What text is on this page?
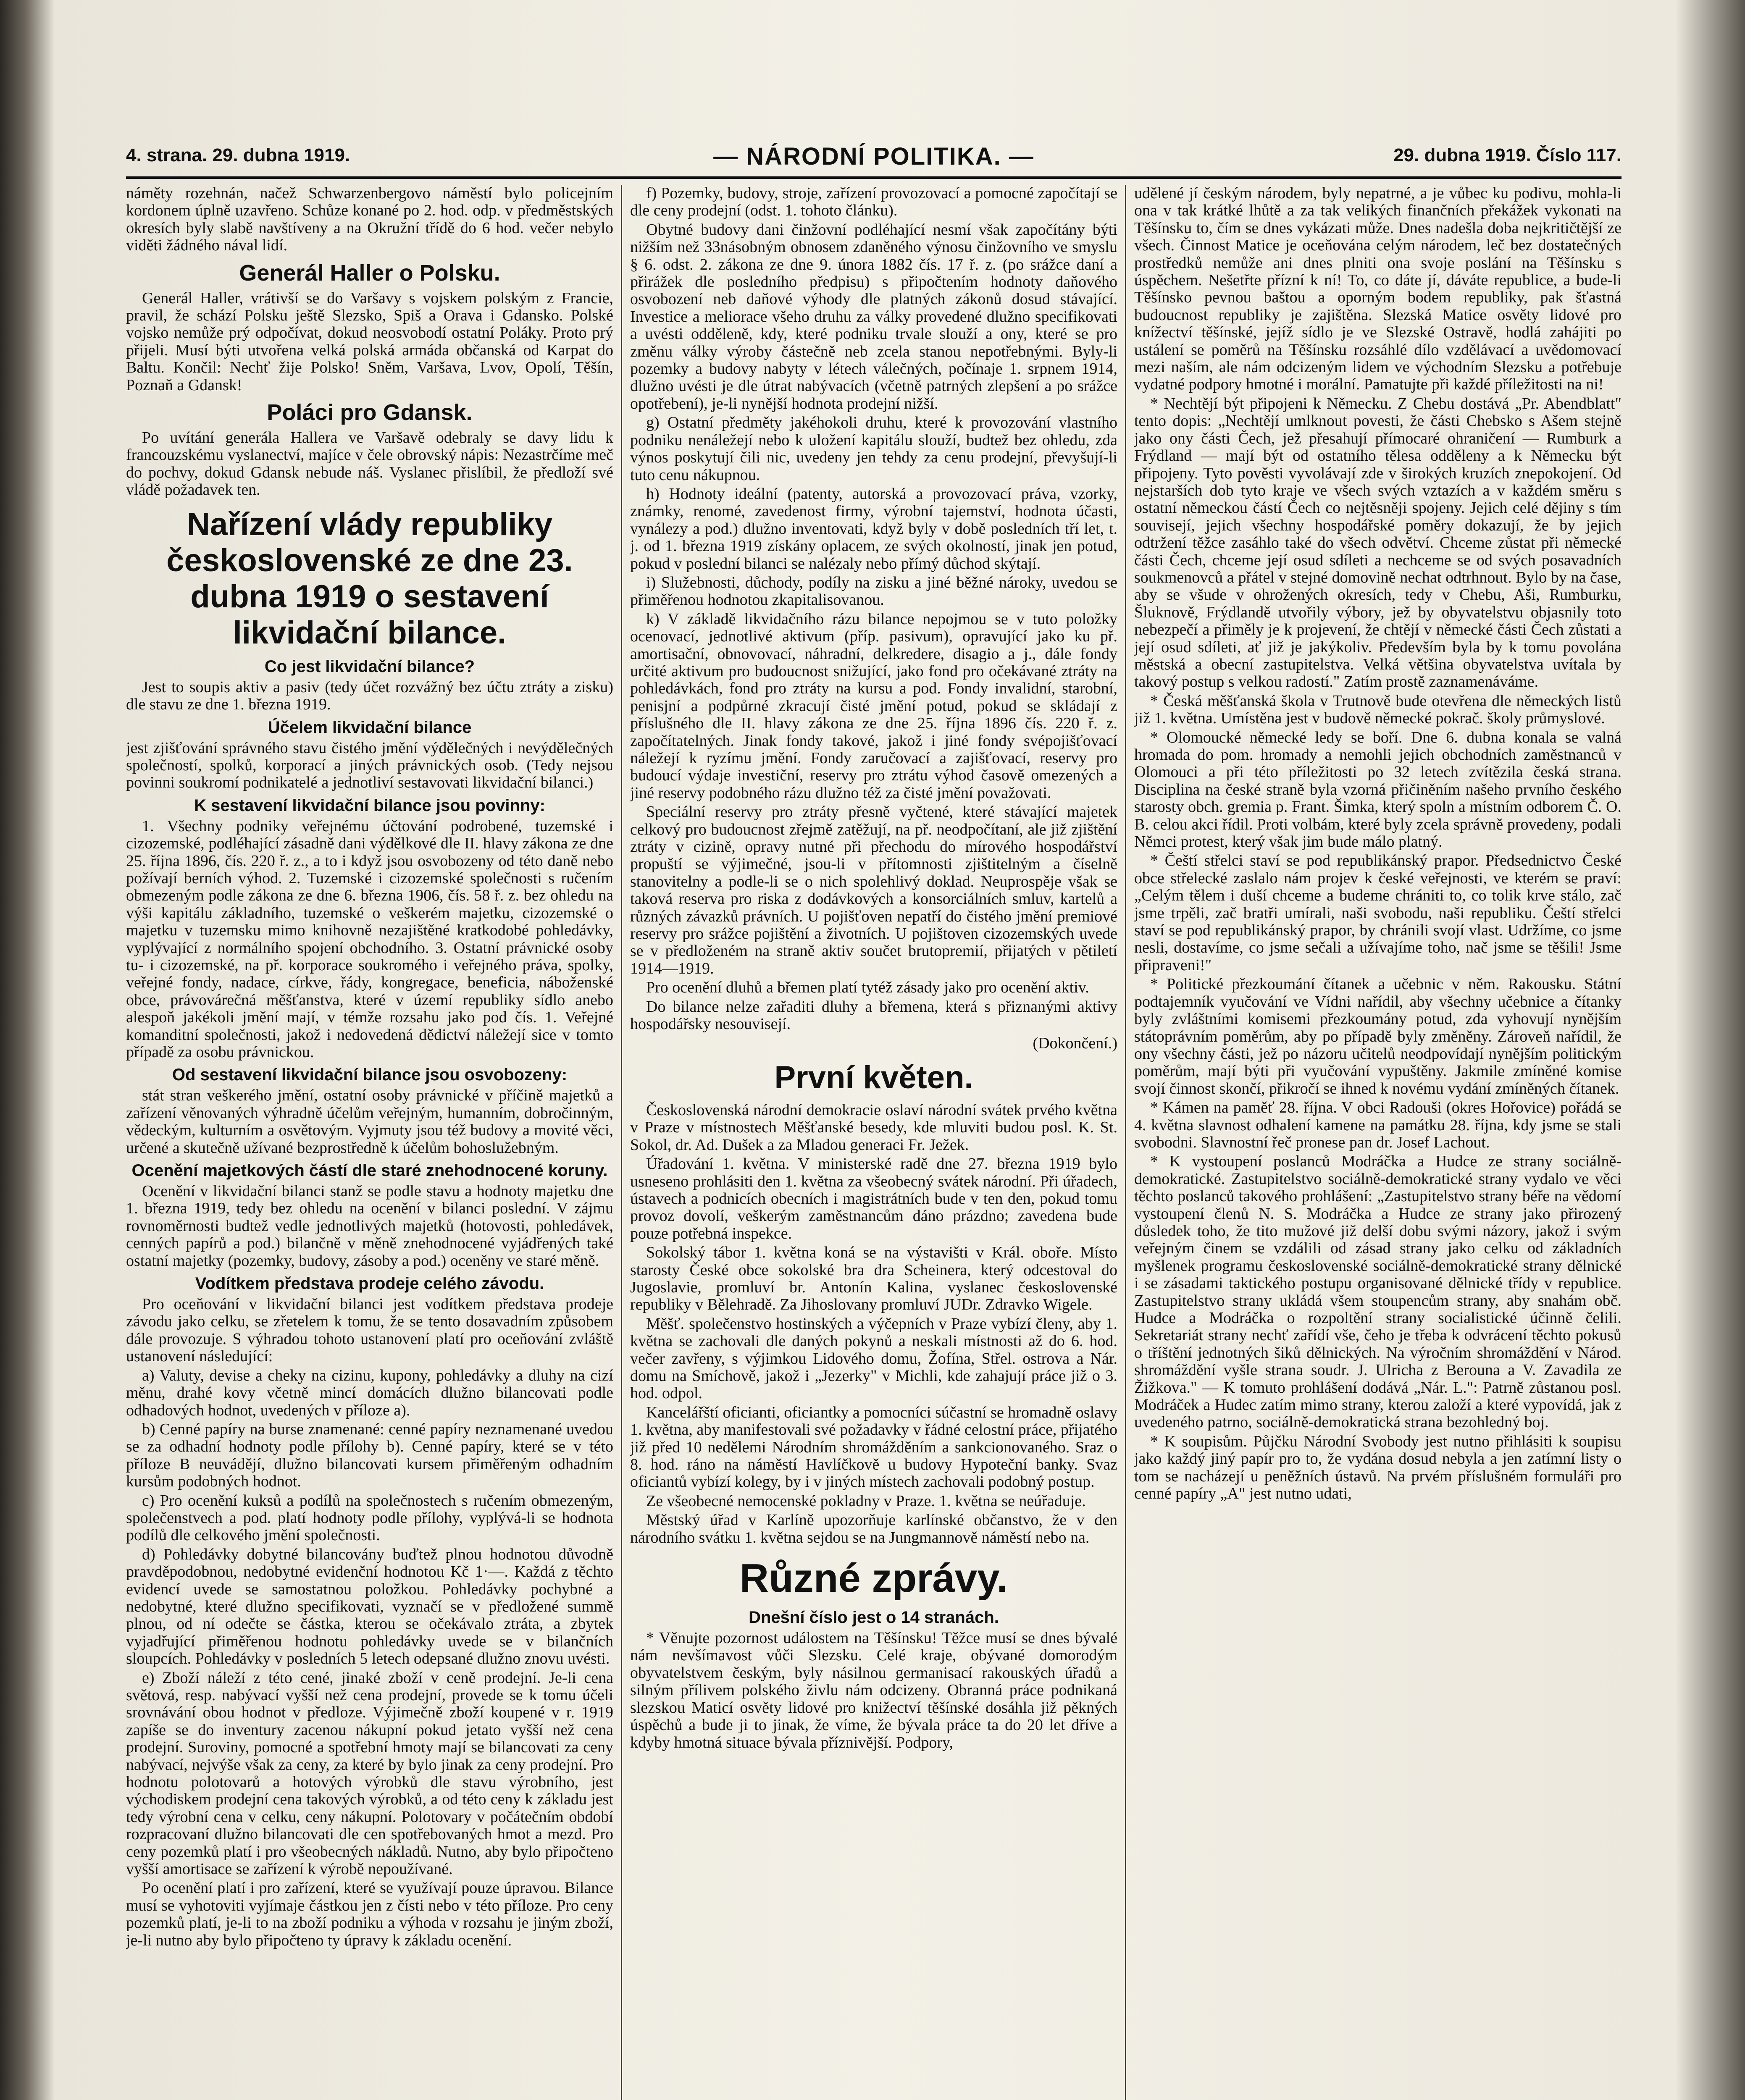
4. strana. 29. dubna 1919.	— NÁRODNÍ POLITIKA. —	29. dubna 1919. Číslo 117.

náměty rozehnán, načež Schwarzenbergovo náměstí bylo policejním kordonem úplně uzavřeno. Schůze konané po 2. hod. odp. v předměstských okresích byly slabě navštíveny a na Okružní třídě do 6 hod. večer nebylo viděti žádného nával lidí.

Generál Haller o Polsku.

Generál Haller, vrátivší se do Varšavy s vojskem polským z Francie, pravil, že schází Polsku ještě Slezsko, Spiš a Orava i Gdansko. Polské vojsko nemůže prý odpočívat, dokud neosvobodí ostatní Poláky. Proto prý přijeli. Musí býti utvořena velká polská armáda občanská od Karpat do Baltu. Končil: Nechť žije Polsko! Sněm, Varšava, Lvov, Opolí, Těšín, Poznaň a Gdansk!

Poláci pro Gdansk.

Po uvítání generála Hallera ve Varšavě odebraly se davy lidu k francouzskému vyslanectví, majíce v čele obrovský nápis: Nezastrčíme meč do pochvy, dokud Gdansk nebude náš. Vyslanec přislíbil, že předloží své vládě požadavek ten.

Nařízení vlády republiky československé ze dne 23. dubna 1919 o sestavení likvidační bilance.
Co jest likvidační bilance?

Jest to soupis aktiv a pasiv (tedy účet rozvážný bez účtu ztráty a zisku) dle stavu ze dne 1. března 1919.

Účelem likvidační bilance

jest zjišťování správného stavu čistého jmění výdělečných i nevýdělečných společností, spolků, korporací a jiných právnických osob. (Tedy nejsou povinni soukromí podnikatelé a jednotliví sestavovati likvidační bilanci.)

K sestavení likvidační bilance jsou povinny:

1. Všechny podniky veřejnému účtování podrobené, tuzemské i cizozemské, podléhající zásadně dani výdělkové dle II. hlavy zákona ze dne 25. října 1896, čís. 220 ř. z., a to i když jsou osvobozeny od této daně nebo požívají berních výhod. 2. Tuzemské i cizozemské společnosti s ručením obmezeným podle zákona ze dne 6. března 1906, čís. 58 ř. z. bez ohledu na výši kapitálu základního, tuzemské o veškerém majetku, cizozemské o majetku v tuzemsku mimo knihovně nezajištěné kratkodobé pohledávky, vyplývající z normálního spojení obchodního. 3. Ostatní právnické osoby tu- i cizozemské, na př. korporace soukromého i veřejného práva, spolky, veřejné fondy, nadace, církve, řády, kongregace, beneficia, náboženské obce, právovárečná měšťanstva, které v území republiky sídlo anebo alespoň jakékoli jmění mají, v témže rozsahu jako pod čís. 1. Veřejné komanditní společnosti, jakož i nedovedená dědictví náležejí sice v tomto případě za osobu právnickou.

Od sestavení likvidační bilance jsou osvobozeny:

stát stran veškerého jmění, ostatní osoby právnické v příčině majetků a zařízení věnovaných výhradně účelům veřejným, humanním, dobročinným, vědeckým, kulturním a osvětovým. Vyjmuty jsou též budovy a movité věci, určené a skutečně užívané bezprostředně k účelům bohoslužebným.

Ocenění majetkových částí dle staré znehodnocené koruny.

Ocenění v likvidační bilanci stanž se podle stavu a hodnoty majetku dne 1. března 1919, tedy bez ohledu na ocenění v bilanci poslední. V zájmu rovnoměrnosti budtež vedle jednotlivých majetků (hotovosti, pohledávek, cenných papírů a pod.) bilančně v měně znehodnocené vyjádřených také ostatní majetky (pozemky, budovy, zásoby a pod.) oceněny ve staré měně.

Vodítkem představa prodeje celého závodu.

Pro oceňování v likvidační bilanci jest vodítkem představa prodeje závodu jako celku, se zřetelem k tomu, že se tento dosavadním způsobem dále provozuje. S výhradou tohoto ustanovení platí pro oceňování zvláště ustanovení následující:

a) Valuty, devise a cheky na cizinu, kupony, pohledávky a dluhy na cizí měnu, drahé kovy včetně mincí domácích dlužno bilancovati podle odhadových hodnot, uvedených v příloze a).

b) Cenné papíry na burse znamenané: cenné papíry neznamenané uvedou se za odhadní hodnoty podle přílohy b). Cenné papíry, které se v této příloze B neuvádějí, dlužno bilancovati kursem přiměřeným odhadním kursům podobných hodnot.

c) Pro ocenění kuksů a podílů na společnostech s ručením obmezeným, společenstvech a pod. platí hodnoty podle přílohy, vyplývá-li se hodnota podílů dle celkového jmění společnosti.

d) Pohledávky dobytné bilancovány buďtež plnou hodnotou důvodně pravděpodobnou, nedobytné evidenční hodnotou Kč 1·—. Každá z těchto evidencí uvede se samostatnou položkou. Pohledávky pochybné a nedobytné, které dlužno specifikovati, vyznačí se v předložené summě plnou, od ní odečte se částka, kterou se očekávalo ztráta, a zbytek vyjadřující přiměřenou hodnotu pohledávky uvede se v bilančních sloupcích. Pohledávky v posledních 5 letech odepsané dlužno znovu uvésti.

e) Zboží náleží z této cené, jinaké zboží v ceně prodejní. Je-li cena světová, resp. nabývací vyšší než cena prodejní, provede se k tomu účeli srovnávání obou hodnot v předloze. Výjimečně zboží koupené v r. 1919 zapíše se do inventury zacenou nákupní pokud jetato vyšší než cena prodejní. Suroviny, pomocné a spotřební hmoty mají se bilancovati za ceny nabývací, nejvýše však za ceny, za které by bylo jinak za ceny prodejní. Pro hodnotu polotovarů a hotových výrobků dle stavu výrobního, jest východiskem prodejní cena takových výrobků, a od této ceny k základu jest tedy výrobní cena v celku, ceny nákupní. Polotovary v počátečním období rozpracovaní dlužno bilancovati dle cen spotřebovaných hmot a mezd. Pro ceny pozemků platí i pro všeobecných nákladů. Nutno, aby bylo připočteno vyšší amortisace se zařízení k výrobě nepoužívané.

Po ocenění platí i pro zařízení, které se využívají pouze úpravou. Bilance musí se vyhotoviti vyjímaje částkou jen z čísti nebo v této příloze. Pro ceny pozemků platí, je-li to na zboží podniku a výhoda v rozsahu je jiným zboží, je-li nutno aby bylo připočteno ty úpravy k základu ocenění.

f) Pozemky, budovy, stroje, zařízení provozovací a pomocné započítají se dle ceny prodejní (odst. 1. tohoto článku).

Obytné budovy dani činžovní podléhající nesmí však započítány býti nižším než 33násobným obnosem zdaněného výnosu činžovního ve smyslu § 6. odst. 2. zákona ze dne 9. února 1882 čís. 17 ř. z. (po srážce daní a přirážek dle posledního předpisu) s připočtením hodnoty daňového osvobození neb daňové výhody dle platných zákonů dosud stávající. Investice a meliorace všeho druhu za války provedené dlužno specifikovati a uvésti odděleně, kdy, které podniku trvale slouží a ony, které se pro změnu války výroby částečně neb zcela stanou nepotřebnými. Byly-li pozemky a budovy nabyty v létech válečných, počínaje 1. srpnem 1914, dlužno uvésti je dle útrat nabývacích (včetně patrných zlepšení a po srážce opotřebení), je-li nynější hodnota prodejní nižší.

g) Ostatní předměty jakéhokoli druhu, které k provozování vlastního podniku nenáležejí nebo k uložení kapitálu slouží, budtež bez ohledu, zda výnos poskytují čili nic, uvedeny jen tehdy za cenu prodejní, převyšují-li tuto cenu nákupnou.

h) Hodnoty ideální (patenty, autorská a provozovací práva, vzorky, známky, renomé, zavedenost firmy, výrobní tajemství, hodnota účasti, vynálezy a pod.) dlužno inventovati, když byly v době posledních tří let, t. j. od 1. března 1919 získány oplacem, ze svých okolností, jinak jen potud, pokud v poslední bilanci se nalézaly nebo přímý důchod skýtají.

i) Služebnosti, důchody, podíly na zisku a jiné běžné nároky, uvedou se přiměřenou hodnotou zkapitalisovanou.

k) V základě likvidačního rázu bilance nepojmou se v tuto položky ocenovací, jednotlivé aktivum (příp. pasivum), opravující jako ku př. amortisační, obnovovací, náhradní, delkredere, disagio a j., dále fondy určité aktivum pro budoucnost snižující, jako fond pro očekávané ztráty na pohledávkách, fond pro ztráty na kursu a pod. Fondy invalidní, starobní, penisjní a podpůrné zkracují čisté jmění potud, pokud se skládají z příslušného dle II. hlavy zákona ze dne 25. října 1896 čís. 220 ř. z. započítatelných. Jinak fondy takové, jakož i jiné fondy svépojišťovací náležejí k ryzímu jmění. Fondy zaručovací a zajišťovací, reservy pro budoucí výdaje investiční, reservy pro ztrátu výhod časově omezených a jiné reservy podobného rázu dlužno též za čisté jmění považovati.

Speciální reservy pro ztráty přesně vyčtené, které stávající majetek celkový pro budoucnost zřejmě zatěžují, na př. neodpočítaní, ale již zjištění ztráty v cizině, opravy nutné při přechodu do mírového hospodářství propuští se výjimečné, jsou-li v přítomnosti zjištitelným a číselně stanovitelny a podle-li se o nich spolehlivý doklad. Neuprospěje však se taková reserva pro riska z dodávkových a konsorciálních smluv, kartelů a různých závazků právních. U pojišťoven nepatří do čistého jmění premiové reservy pro srážce pojištění a životních. U pojištoven cizozemských uvede se v předloženém na straně aktiv součet brutopremií, přijatých v pětiletí 1914—1919.

Pro ocenění dluhů a břemen platí tytéž zásady jako pro ocenění aktiv.

Do bilance nelze zařaditi dluhy a břemena, která s přiznanými aktivy hospodářsky nesouvisejí.

(Dokončení.)
První květen.

Československá národní demokracie oslaví národní svátek prvého května v Praze v místnostech Měšťanské besedy, kde mluviti budou posl. K. St. Sokol, dr. Ad. Dušek a za Mladou generaci Fr. Ježek.

Úřadování 1. května. V ministerské radě dne 27. března 1919 bylo usneseno prohlásiti den 1. května za všeobecný svátek národní. Při úřadech, ústavech a podnicích obecních i magistrátních bude v ten den, pokud tomu provoz dovolí, veškerým zaměstnancům dáno prázdno; zavedena bude pouze potřebná inspekce.

Sokolský tábor 1. května koná se na výstavišti v Král. oboře. Místo starosty České obce sokolské bra dra Scheinera, který odcestoval do Jugoslavie, promluví br. Antonín Kalina, vyslanec československé republiky v Bělehradě. Za Jihoslovany promluví JUDr. Zdravko Wigele.

Měšť. společenstvo hostinských a výčepních v Praze vybízí členy, aby 1. května se zachovali dle daných pokynů a neskali místnosti až do 6. hod. večer zavřeny, s výjimkou Lidového domu, Žofína, Střel. ostrova a Nár. domu na Smíchově, jakož i „Jezerky" v Michli, kde zahajují práce již o 3. hod. odpol.

Kancelářští oficianti, oficiantky a pomocníci súčastní se hromadně oslavy 1. května, aby manifestovali své požadavky v řádné celostní práce, přijatého již před 10 nedělemi Národním shromážděním a sankcionovaného. Sraz o 8. hod. ráno na náměstí Havlíčkově u budovy Hypoteční banky. Svaz oficiantů vybízí kolegy, by i v jiných místech zachovali podobný postup.

Ze všeobecné nemocenské pokladny v Praze. 1. května se neúřaduje.

Městský úřad v Karlíně upozorňuje karlínské občanstvo, že v den národního svátku 1. května sejdou se na Jungmannově náměstí nebo na.

Různé zprávy.
Dnešní číslo jest o 14 stranách.

* Věnujte pozornost událostem na Těšínsku! Těžce musí se dnes bývalé nám nevšímavost vůči Slezsku. Celé kraje, obývané domorodým obyvatelstvem českým, byly násilnou germanisací rakouských úřadů a silným přílivem polského živlu nám odcizeny. Obranná práce podnikaná slezskou Maticí osvěty lidové pro knižectví těšínské dosáhla již pěkných úspěchů a bude ji to jinak, že víme, že bývala práce ta do 20 let dříve a kdyby hmotná situace bývala příznivější. Podpory,

udělené jí českým národem, byly nepatrné, a je vůbec ku podivu, mohla-li ona v tak krátké lhůtě a za tak velikých finančních překážek vykonati na Těšínsku to, čím se dnes vykázati může. Dnes nadešla doba nejkritičtější ze všech. Činnost Matice je oceňována celým národem, leč bez dostatečných prostředků nemůže ani dnes plniti ona svoje poslání na Těšínsku s úspěchem. Nešetřte přízní k ní! To, co dáte jí, dáváte republice, a bude-li Těšínsko pevnou baštou a oporným bodem republiky, pak šťastná budoucnost republiky je zajištěna. Slezská Matice osvěty lidové pro knížectví těšínské, jejíž sídlo je ve Slezské Ostravě, hodlá zahájiti po ustálení se poměrů na Těšínsku rozsáhlé dílo vzdělávací a uvědomovací mezi naším, ale nám odcizeným lidem ve východním Slezsku a potřebuje vydatné podpory hmotné i morální. Pamatujte při každé příležitosti na ni!

* Nechtějí být připojeni k Německu. Z Chebu dostává „Pr. Abendblatt" tento dopis: „Nechtějí umlknout povesti, že části Chebsko s Ašem stejně jako ony části Čech, jež přesahují přímocaré ohraničení — Rumburk a Frýdland — mají být od ostatního tělesa odděleny a k Německu být připojeny. Tyto pověsti vyvolávají zde v širokých kruzích znepokojení. Od nejstarších dob tyto kraje ve všech svých vztazích a v každém směru s ostatní německou částí Čech co nejtěsněji spojeny. Jejich celé dějiny s tím souvisejí, jejich všechny hospodářské poměry dokazují, že by jejich odtržení těžce zasáhlo také do všech odvětví. Chceme zůstat při německé části Čech, chceme její osud sdíleti a nechceme se od svých posavadních soukmenovců a přátel v stejné domovině nechat odtrhnout. Bylo by na čase, aby se všude v ohrožených okresích, tedy v Chebu, Aši, Rumburku, Šluknově, Frýdlandě utvořily výbory, jež by obyvatelstvu objasnily toto nebezpečí a přiměly je k projevení, že chtějí v německé části Čech zůstati a její osud sdíleti, ať již je jakýkoliv. Především byla by k tomu povolána městská a obecní zastupitelstva. Velká většina obyvatelstva uvítala by takový postup s velkou radostí." Zatím prostě zaznamenáváme.

* Česká měšťanská škola v Trutnově bude otevřena dle německých listů již 1. května. Umístěna jest v budově německé pokrač. školy průmyslové.

* Olomoucké německé ledy se boří. Dne 6. dubna konala se valná hromada do pom. hromady a nemohli jejich obchodních zaměstnanců v Olomouci a při této příležitosti po 32 letech zvítězila česká strana. Disciplina na české straně byla vzorná přičiněním našeho prvního českého starosty obch. gremia p. Frant. Šimka, který spoln a místním odborem Č. O. B. celou akci řídil. Proti volbám, které byly zcela správně provedeny, podali Němci protest, který však jim bude málo platný.

* Čeští střelci staví se pod republikánský prapor. Předsednictvo České obce střelecké zaslalo nám projev k české veřejnosti, ve kterém se praví: „Celým tělem i duší chceme a budeme chrániti to, co tolik krve stálo, zač jsme trpěli, zač bratři umírali, naši svobodu, naši republiku. Čeští střelci staví se pod republikánský prapor, by chránili svojí vlast. Udržíme, co jsme nesli, dostavíme, co jsme sečali a užívajíme toho, nač jsme se těšili! Jsme připraveni!"

* Politické přezkoumání čítanek a učebnic v něm. Rakousku. Státní podtajemník vyučování ve Vídni nařídil, aby všechny učebnice a čítanky byly zvláštními komisemi přezkoumány potud, zda vyhovují nynějším státoprávním poměrům, aby po případě byly změněny. Zároveň nařídil, že ony všechny části, jež po názoru učitelů neodpovídají nynějším politickým poměrům, mají býti při vyučování vypuštěny. Jakmile zmíněné komise svojí činnost skončí, přikročí se ihned k novému vydání zmíněných čítanek.

* Kámen na paměť 28. října. V obci Radouši (okres Hořovice) pořádá se 4. května slavnost odhalení kamene na památku 28. října, kdy jsme se stali svobodni. Slavnostní řeč pronese pan dr. Josef Lachout.

* K vystoupení poslanců Modráčka a Hudce ze strany sociálně-demokratické. Zastupitelstvo sociálně-demokratické strany vydalo ve věci těchto poslanců takového prohlášení: „Zastupitelstvo strany béře na vědomí vystoupení členů N. S. Modráčka a Hudce ze strany jako přirozený důsledek toho, že tito mužové již delší dobu svými názory, jakož i svým veřejným činem se vzdálili od zásad strany jako celku od základních myšlenek programu československé sociálně-demokratické strany dělnické i se zásadami taktického postupu organisované dělnické třídy v republice. Zastupitelstvo strany ukládá všem stoupencům strany, aby snahám obč. Hudce a Modráčka o rozpoltění strany socialistické účinně čelili. Sekretariát strany nechť zařídí vše, čeho je třeba k odvrácení těchto pokusů o tříštění jednotných šiků dělnických. Na výročním shromáždění v Národ. shromáždění vyšle strana soudr. J. Ulricha z Berouna a V. Zavadila ze Žižkova." — K tomuto prohlášení dodává „Nár. L.": Patrně zůstanou posl. Modráček a Hudec zatím mimo strany, kterou založí a které vypovídá, jak z uvedeného patrno, sociálně-demokratická strana bezohledný boj.

* K soupisům. Půjčku Národní Svobody jest nutno přihlásiti k soupisu jako každý jiný papír pro to, že vydána dosud nebyla a jen zatímní listy o tom se nacházejí u peněžních ústavů. Na prvém příslušném formuláři pro cenné papíry „A" jest nutno udati,
